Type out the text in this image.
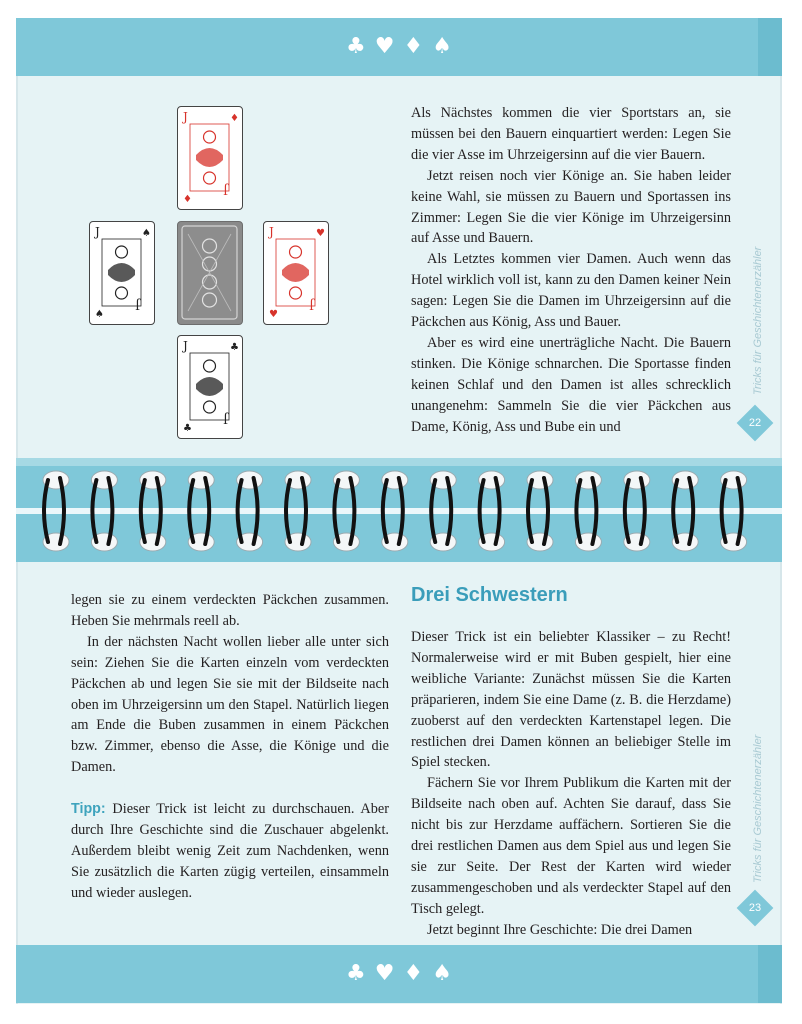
♣ ♥ ♦ ♠
J	♦
J
♦
J	♠
J
♠
J	♥
J
♥
J	♣
J
♣

Als Nächstes kommen die vier Sportstars an, sie müssen bei den Bauern einquartiert werden: Legen Sie die vier Asse im Uhrzeigersinn auf die vier Bauern.

Jetzt reisen noch vier Könige an. Sie haben leider keine Wahl, sie müssen zu Bauern und Sportassen ins Zimmer: Legen Sie die vier Könige im Uhrzeigersinn auf Asse und Bauern.

Als Letztes kommen vier Damen. Auch wenn das Hotel wirklich voll ist, kann zu den Damen keiner Nein sagen: Legen Sie die Damen im Uhrzeigersinn auf die Päckchen aus König, Ass und Bauer.

Aber es wird eine unerträgliche Nacht. Die Bauern stinken. Die Könige schnarchen. Die Sportasse finden keinen Schlaf und den Damen ist alles schrecklich unangenehm: Sammeln Sie die vier Päckchen aus Dame, König, Ass und Bube ein und

Tricks für Geschichtenerzähler
22

legen sie zu einem verdeckten Päckchen zusammen. Heben Sie mehrmals reell ab.

In der nächsten Nacht wollen lieber alle unter sich sein: Ziehen Sie die Karten einzeln vom verdeckten Päckchen ab und legen Sie sie mit der Bildseite nach oben im Uhrzeigersinn um den Stapel. Natürlich liegen am Ende die Buben zusammen in einem Päckchen bzw. Zimmer, ebenso die Asse, die Könige und die Damen.

Tipp: Dieser Trick ist leicht zu durchschauen. Aber durch Ihre Geschichte sind die Zuschauer abgelenkt. Außerdem bleibt wenig Zeit zum Nachdenken, wenn Sie zusätzlich die Karten zügig verteilen, einsammeln und wieder auslegen.

Drei Schwestern

Dieser Trick ist ein beliebter Klassiker – zu Recht! Normalerweise wird er mit Buben gespielt, hier eine weibliche Variante: Zunächst müssen Sie die Karten präparieren, indem Sie eine Dame (z. B. die Herzdame) zuoberst auf den verdeckten Kartenstapel legen. Die restlichen drei Damen können an beliebiger Stelle im Spiel stecken.

Fächern Sie vor Ihrem Publikum die Karten mit der Bildseite nach oben auf. Achten Sie darauf, dass Sie nicht bis zur Herzdame auffächern. Sortieren Sie die drei restlichen Damen aus dem Spiel aus und legen Sie sie zur Seite. Der Rest der Karten wird wieder zusammengeschoben und als verdeckter Stapel auf den Tisch gelegt.

Jetzt beginnt Ihre Geschichte: Die drei Damen

Tricks für Geschichtenerzähler
23
♣ ♥ ♦ ♠
